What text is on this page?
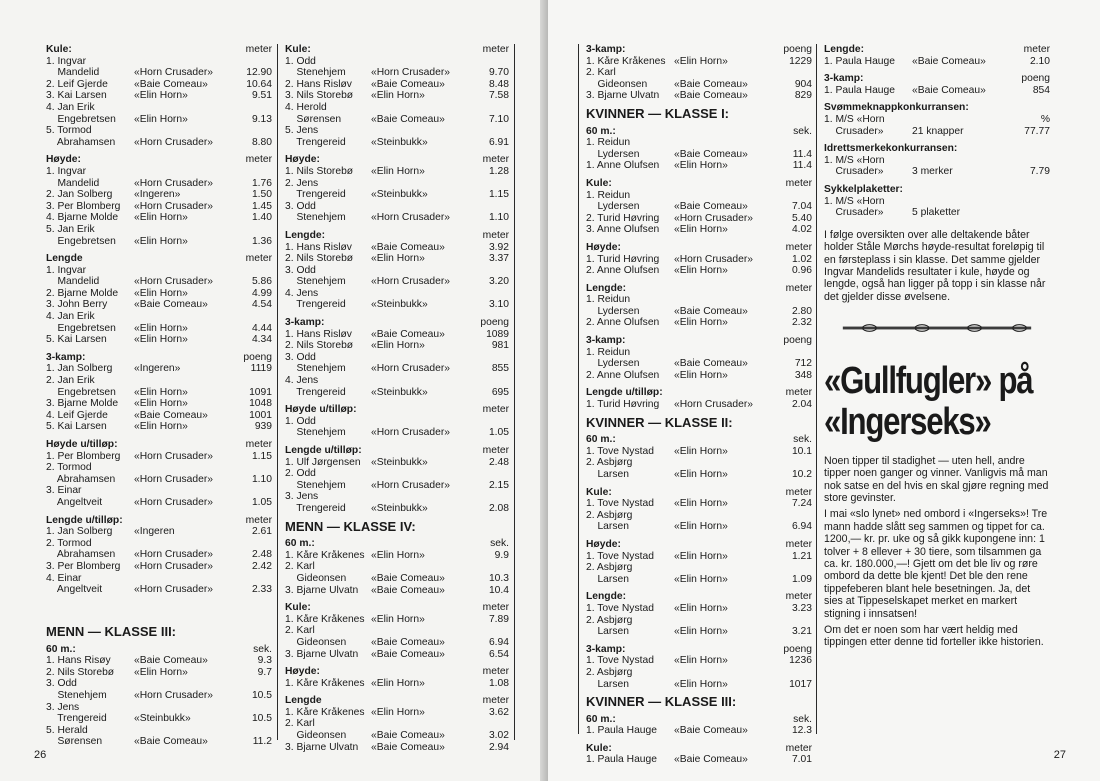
Kule:	meter
1. Ingvar
Mandelid	«Horn Crusader»	12.90
2. Leif Gjerde	«Baie Comeau»	10.64
3. Kai Larsen	«Elin Horn»	9.51
4. Jan Erik
Engebretsen	«Elin Horn»	9.13
5. Tormod
Abrahamsen	«Horn Crusader»	8.80
Høyde:	meter
1. Ingvar
Mandelid	«Horn Crusader»	1.76
2. Jan Solberg	«Ingeren»	1.50
3. Per Blomberg	«Horn Crusader»	1.45
4. Bjarne Molde	«Elin Horn»	1.40
5. Jan Erik
Engebretsen	«Elin Horn»	1.36
Lengde	meter
1. Ingvar
Mandelid	«Horn Crusader»	5.86
2. Bjarne Molde	«Elin Horn»	4.99
3. John Berry	«Baie Comeau»	4.54
4. Jan Erik
Engebretsen	«Elin Horn»	4.44
5. Kai Larsen	«Elin Horn»	4.34
3-kamp:	poeng
1. Jan Solberg	«Ingeren»	1119
2. Jan Erik
Engebretsen	«Elin Horn»	1091
3. Bjarne Molde	«Elin Horn»	1048
4. Leif Gjerde	«Baie Comeau»	1001
5. Kai Larsen	«Elin Horn»	939
Høyde u/tilløp:	meter
1. Per Blomberg	«Horn Crusader»	1.15
2. Tormod
Abrahamsen	«Horn Crusader»	1.10
3. Einar
Angeltveit	«Horn Crusader»	1.05
Lengde u/tilløp:	meter
1. Jan Solberg	«Ingeren	2.61
2. Tormod
Abrahamsen	«Horn Crusader»	2.48
3. Per Blomberg	«Horn Crusader»	2.42
4. Einar
Angeltveit	«Horn Crusader»	2.33
MENN — KLASSE III:
60 m.:	sek.
1. Hans Risøy	«Baie Comeau»	9.3
2. Nils Storebø	«Elin Horn»	9.7
3. Odd
Stenehjem	«Horn Crusader»	10.5
3. Jens
Trengereid	«Steinbukk»	10.5
5. Herald
Sørensen	«Baie Comeau»	11.2
Kule:	meter
1. Odd
Stenehjem	«Horn Crusader»	9.70
2. Hans Risløv	«Baie Comeau»	8.48
3. Nils Storebø	«Elin Horn»	7.58
4. Herold
Sørensen	«Baie Comeau»	7.10
5. Jens
Trengereid	«Steinbukk»	6.91
Høyde:	meter
1. Nils Storebø	«Elin Horn»	1.28
2. Jens
Trengereid	«Steinbukk»	1.15
3. Odd
Stenehjem	«Horn Crusader»	1.10
Lengde:	meter
1. Hans Risløv	«Baie Comeau»	3.92
2. Nils Storebø	«Elin Horn»	3.37
3. Odd
Stenehjem	«Horn Crusader»	3.20
4. Jens
Trengereid	«Steinbukk»	3.10
3-kamp:	poeng
1. Hans Risløv	«Baie Comeau»	1089
2. Nils Storebø	«Elin Horn»	981
3. Odd
Stenehjem	«Horn Crusader»	855
4. Jens
Trengereid	«Steinbukk»	695
Høyde u/tilløp:	meter
1. Odd
Stenehjem	«Horn Crusader»	1.05
Lengde u/tilløp:	meter
1. Ulf Jørgensen	«Steinbukk»	2.48
2. Odd
Stenehjem	«Horn Crusader»	2.15
3. Jens
Trengereid	«Steinbukk»	2.08
MENN — KLASSE IV:
60 m.:	sek.
1. Kåre Kråkenes «Elin Horn»	9.9
2. Karl
Gideonsen	«Baie Comeau»	10.3
3. Bjarne Ulvatn	«Baie Comeau»	10.4
Kule:	meter
1. Kåre Kråkenes «Elin Horn»	7.89
2. Karl
Gideonsen	«Baie Comeau»	6.94
3. Bjarne Ulvatn	«Baie Comeau»	6.54
Høyde:	meter
1. Kåre Kråkenes «Elin Horn»	1.08
Lengde	meter
1. Kåre Kråkenes «Elin Horn»	3.62
2. Karl
Gideonsen	«Baie Comeau»	3.02
3. Bjarne Ulvatn	«Baie Comeau»	2.94
26
3-kamp:	poeng
1. Kåre Kråkenes «Elin Horn»	1229
2. Karl
Gideonsen	«Baie Comeau»	904
3. Bjarne Ulvatn	«Baie Comeau»	829
KVINNER — KLASSE I:
60 m.:	sek.
1. Reidun
Lydersen	«Baie Comeau»	11.4
1. Anne Olufsen	«Elin Horn»	11.4
Kule:	meter
1. Reidun
Lydersen	«Baie Comeau»	7.04
2. Turid Høvring	«Horn Crusader»	5.40
3. Anne Olufsen	«Elin Horn»	4.02
Høyde:	meter
1. Turid Høvring	«Horn Crusader»	1.02
2. Anne Olufsen	«Elin Horn»	0.96
Lengde:	meter
1. Reidun
Lydersen	«Baie Comeau»	2.80
2. Anne Olufsen	«Elin Horn»	2.32
3-kamp:	poeng
1. Reidun
Lydersen	«Baie Comeau»	712
2. Anne Olufsen	«Elin Horn»	348
Lengde u/tilløp:	meter
1. Turid Høvring	«Horn Crusader»	2.04
KVINNER — KLASSE II:
60 m.:	sek.
1. Tove Nystad	«Elin Horn»	10.1
2. Asbjørg
Larsen	«Elin Horn»	10.2
Kule:	meter
1. Tove Nystad	«Elin Horn»	7.24
2. Asbjørg
Larsen	«Elin Horn»	6.94
Høyde:	meter
1. Tove Nystad	«Elin Horn»	1.21
2. Asbjørg
Larsen	«Elin Horn»	1.09
Lengde:	meter
1. Tove Nystad	«Elin Horn»	3.23
2. Asbjørg
Larsen	«Elin Horn»	3.21
3-kamp:	poeng
1. Tove Nystad	«Elin Horn»	1236
2. Asbjørg
Larsen	«Elin Horn»	1017
KVINNER — KLASSE III:
60 m.:	sek.
1. Paula Hauge	«Baie Comeau»	12.3
Kule:	meter
1. Paula Hauge	«Baie Comeau»	7.01
Lengde:	meter
1. Paula Hauge	«Baie Comeau»	2.10
3-kamp:	poeng
1. Paula Hauge	«Baie Comeau»	854
Svømmeknappkonkurransen:
1. M/S «Horn	%
Crusader»	21 knapper	77.77
Idrettsmerkekonkurransen:
1. M/S «Horn
Crusader»	3 merker	7.79
Sykkelplaketter:
1. M/S «Horn
Crusader»	5 plaketter
I følge oversikten over alle deltakende båter holder Ståle Mørchs høyde-resultat foreløpig til en førsteplass i sin klasse. Det samme gjelder Ingvar Mandelids resultater i kule, høyde og lengde, også han ligger på topp i sin klasse når det gjelder disse øvelsene.
«Gullfugler» på
«Ingerseks»
Noen tipper til stadighet — uten hell, andre tipper noen ganger og vinner. Vanligvis må man nok satse en del hvis en skal gjøre regning med store gevinster.
I mai «slo lynet» ned ombord i «Ingerseks»! Tre mann hadde slått seg sammen og tippet for ca. 1200,— kr. pr. uke og så gikk kupongene inn: 1 tolver + 8 ellever + 30 tiere, som tilsammen ga ca. kr. 180.000,—! Gjett om det ble liv og røre ombord da dette ble kjent! Det ble den rene tippefeberen blant hele besetningen. Ja, det sies at Tippeselskapet merket en markert stigning i innsatsen!
Om det er noen som har vært heldig med tippingen etter denne tid forteller ikke historien.
27
